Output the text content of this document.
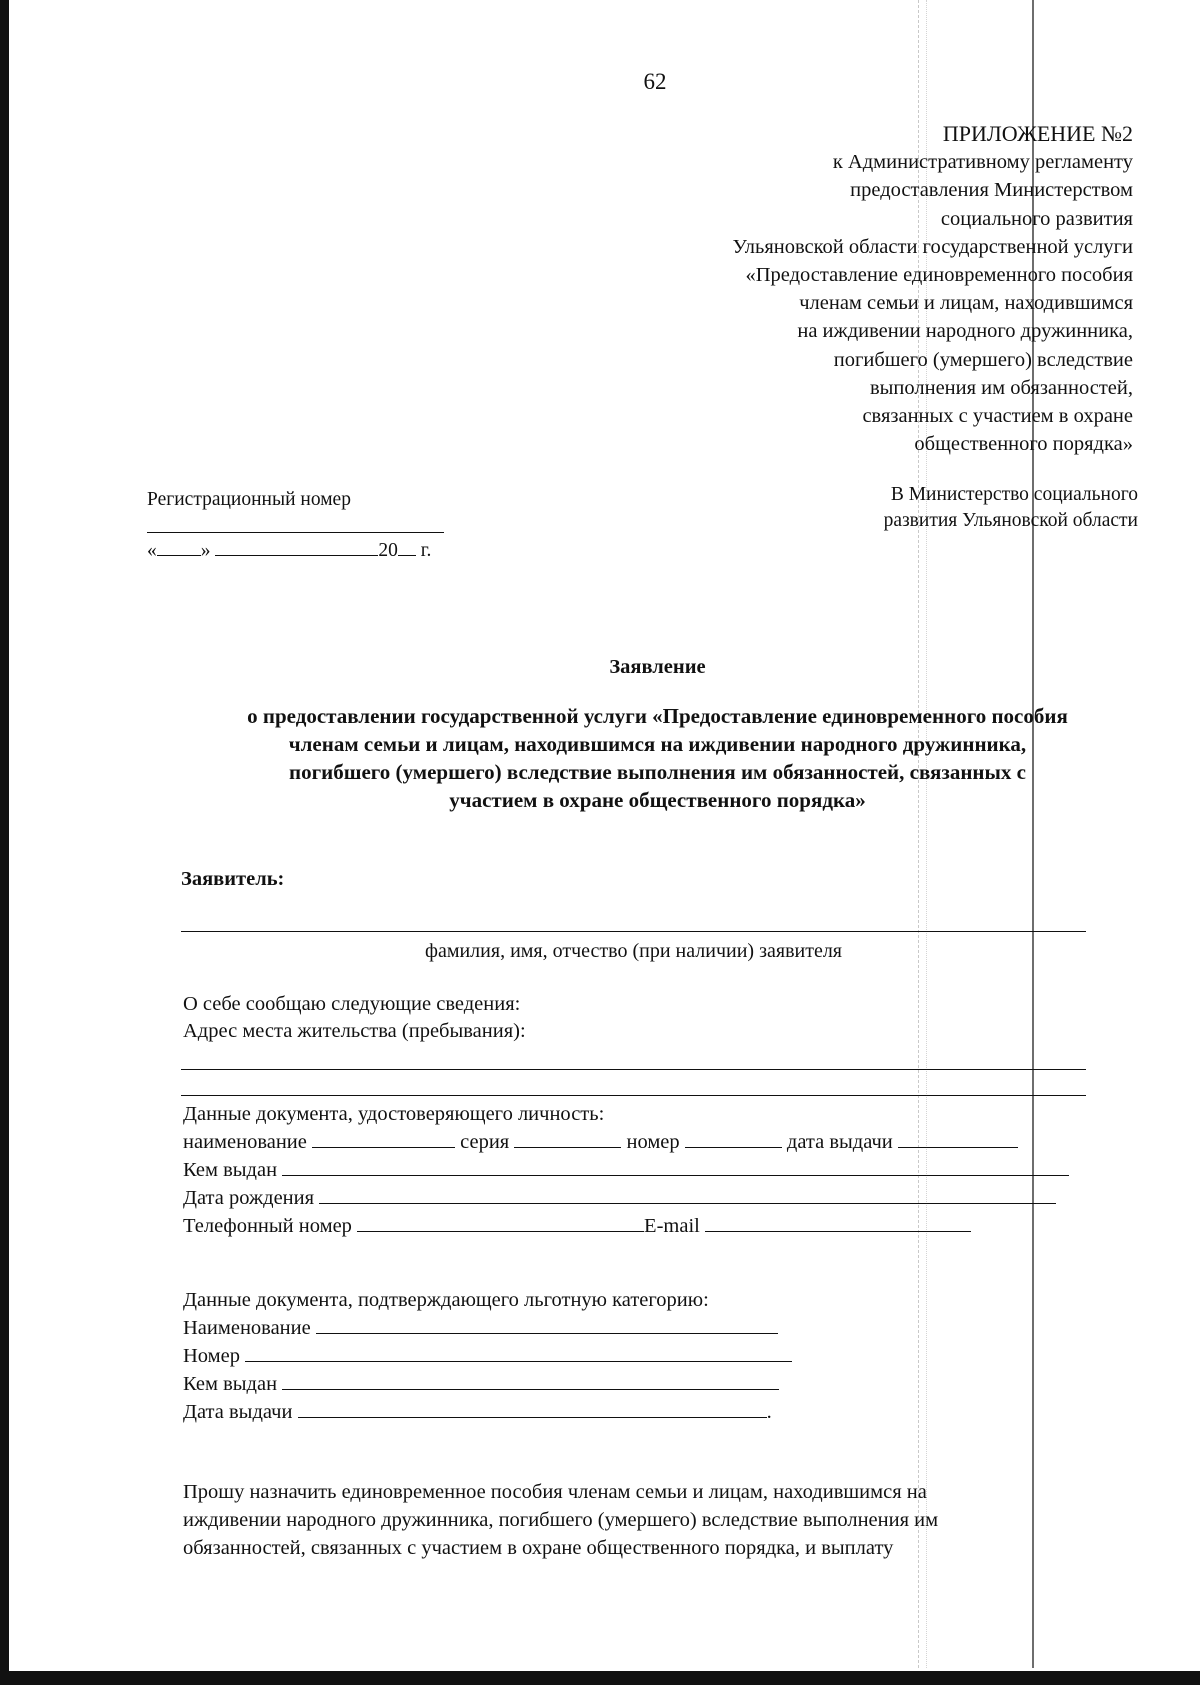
62
ПРИЛОЖЕНИЕ №2
к Административному регламенту
предоставления Министерством
социального развития
Ульяновской области государственной услуги
«Предоставление единовременного пособия
членам семьи и лицам, находившимся
на иждивении народного дружинника,
погибшего (умершего) вследствие
выполнения им обязанностей,
связанных с участием в охране
общественного порядка»
Регистрационный номер
« »	20 г.
В Министерство социального
развития Ульяновской области
Заявление
о предоставлении государственной услуги «Предоставление единовременного пособия
членам семьи и лицам, находившимся на иждивении народного дружинника,
погибшего (умершего) вследствие выполнения им обязанностей, связанных с
участием в охране общественного порядка»
Заявитель:
фамилия, имя, отчество (при наличии) заявителя
О себе сообщаю следующие сведения:
Адрес места жительства (пребывания):
Данные документа, удостоверяющего личность:
наименование	серия	номер	дата выдачи
Кем выдан
Дата рождения
Телефонный номер	E-mail
Данные документа, подтверждающего льготную категорию:
Наименование
Номер
Кем выдан
Дата выдачи	.
Прошу назначить единовременное пособия членам семьи и лицам, находившимся на
иждивении народного дружинника, погибшего (умершего) вследствие выполнения им
обязанностей, связанных с участием в охране общественного порядка, и выплату
